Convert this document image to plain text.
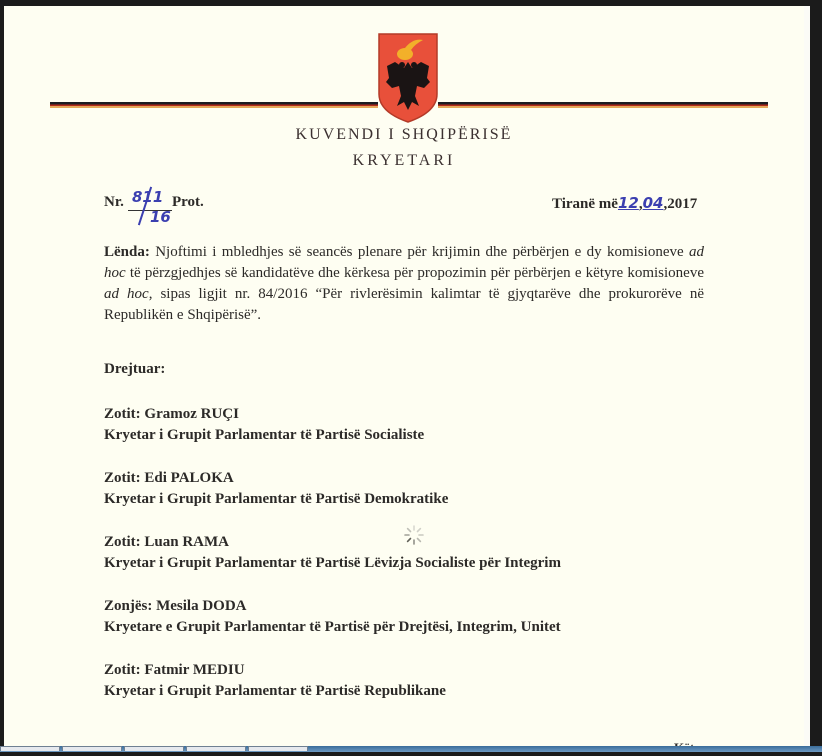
KUVENDI I SHQIPËRISË
KRYETARI
Nr. 811
16
Prot.	Tiranë më12,04,2017
Lënda: Njoftimi i mbledhjes së seancës plenare për krijimin dhe përbërjen e dy komisioneve ad hoc të përzgjedhjes së kandidatëve dhe kërkesa për propozimin për përbërjen e këtyre komisioneve ad hoc, sipas ligjit nr. 84/2016 “Për rivlerësimin kalimtar të gjyqtarëve dhe prokurorëve në Republikën e Shqipërisë”.
Drejtuar:
Zotit: Gramoz RUÇI
Kryetar i Grupit Parlamentar të Partisë Socialiste
Zotit: Edi PALOKA
Kryetar i Grupit Parlamentar të Partisë Demokratike
Zotit: Luan RAMA
Kryetar i Grupit Parlamentar të Partisë Lëvizja Socialiste për Integrim
Zonjës: Mesila DODA
Kryetare e Grupit Parlamentar të Partisë për Drejtësi, Integrim, Unitet
Zotit: Fatmir MEDIU
Kryetar i Grupit Parlamentar të Partisë Republikane
